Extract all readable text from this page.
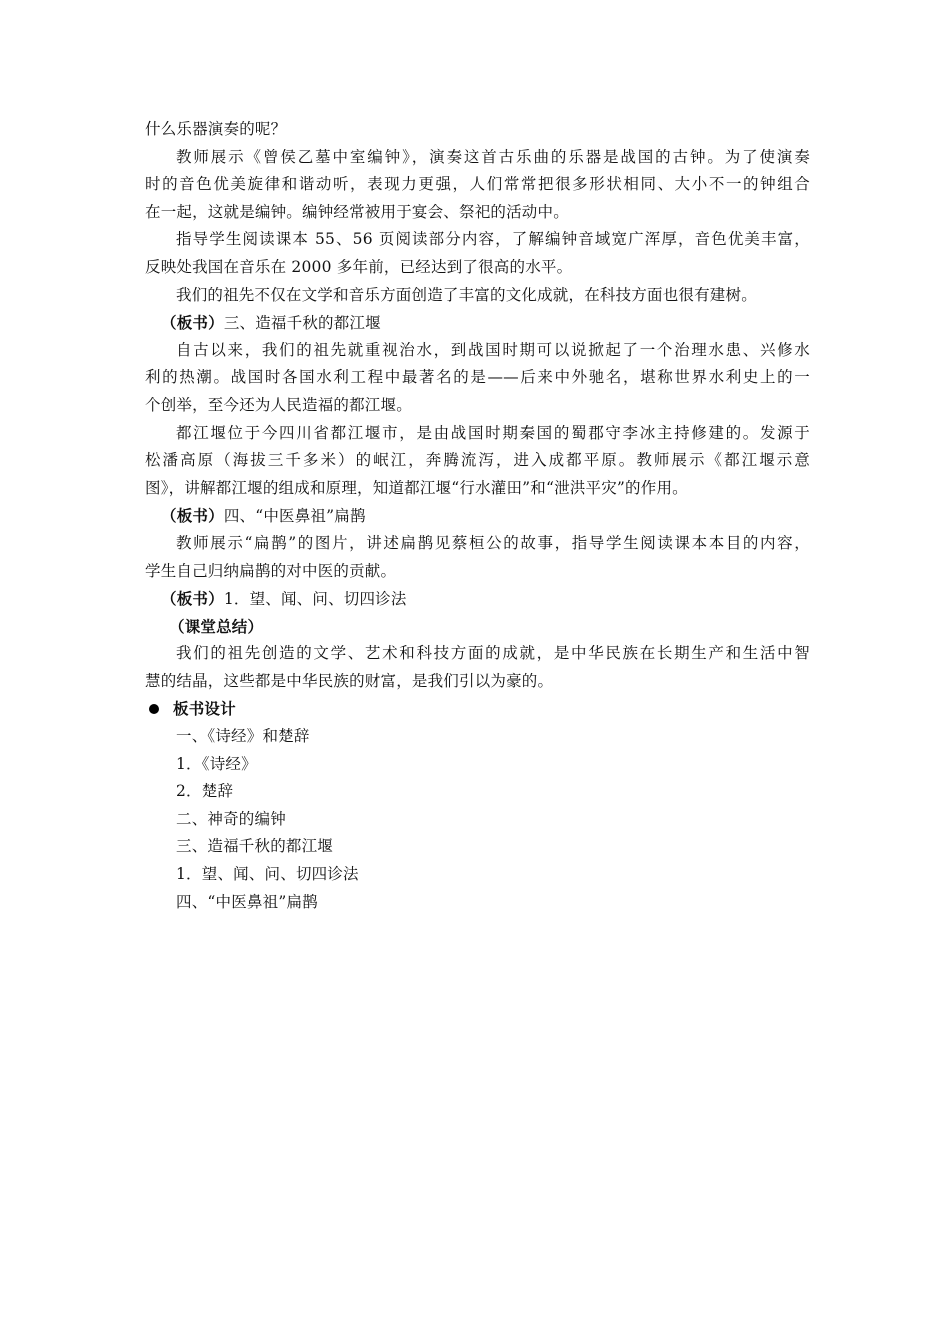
什么乐器演奏的呢？
教师展示《曾侯乙墓中室编钟》，演奏这首古乐曲的乐器是战国的古钟。为了使演奏
时的音色优美旋律和谐动听，表现力更强，人们常常把很多形状相同、大小不一的钟组合
在一起，这就是编钟。编钟经常被用于宴会、祭祀的活动中。
指导学生阅读课本 55、56 页阅读部分内容，了解编钟音域宽广浑厚，音色优美丰富，
反映处我国在音乐在 2000 多年前，已经达到了很高的水平。
我们的祖先不仅在文学和音乐方面创造了丰富的文化成就，在科技方面也很有建树。
（板书）三、造福千秋的都江堰
自古以来，我们的祖先就重视治水，到战国时期可以说掀起了一个治理水患、兴修水
利的热潮。战国时各国水利工程中最著名的是——后来中外驰名，堪称世界水利史上的一
个创举，至今还为人民造福的都江堰。
都江堰位于今四川省都江堰市，是由战国时期秦国的蜀郡守李冰主持修建的。发源于
松潘高原（海拔三千多米）的岷江，奔腾流泻，进入成都平原。教师展示《都江堰示意
图》，讲解都江堰的组成和原理，知道都江堰“行水灌田”和“泄洪平灾”的作用。
（板书）四、“中医鼻祖”扁鹊
教师展示“扁鹊”的图片，讲述扁鹊见蔡桓公的故事，指导学生阅读课本本目的内容，
学生自己归纳扁鹊的对中医的贡献。
（板书）1．望、闻、问、切四诊法
（课堂总结）
我们的祖先创造的文学、艺术和科技方面的成就，是中华民族在长期生产和生活中智
慧的结晶，这些都是中华民族的财富，是我们引以为豪的。
板书设计
一、《诗经》和楚辞
1．《诗经》
2．楚辞
二、神奇的编钟
三、造福千秋的都江堰
1．望、闻、问、切四诊法
四、“中医鼻祖”扁鹊
